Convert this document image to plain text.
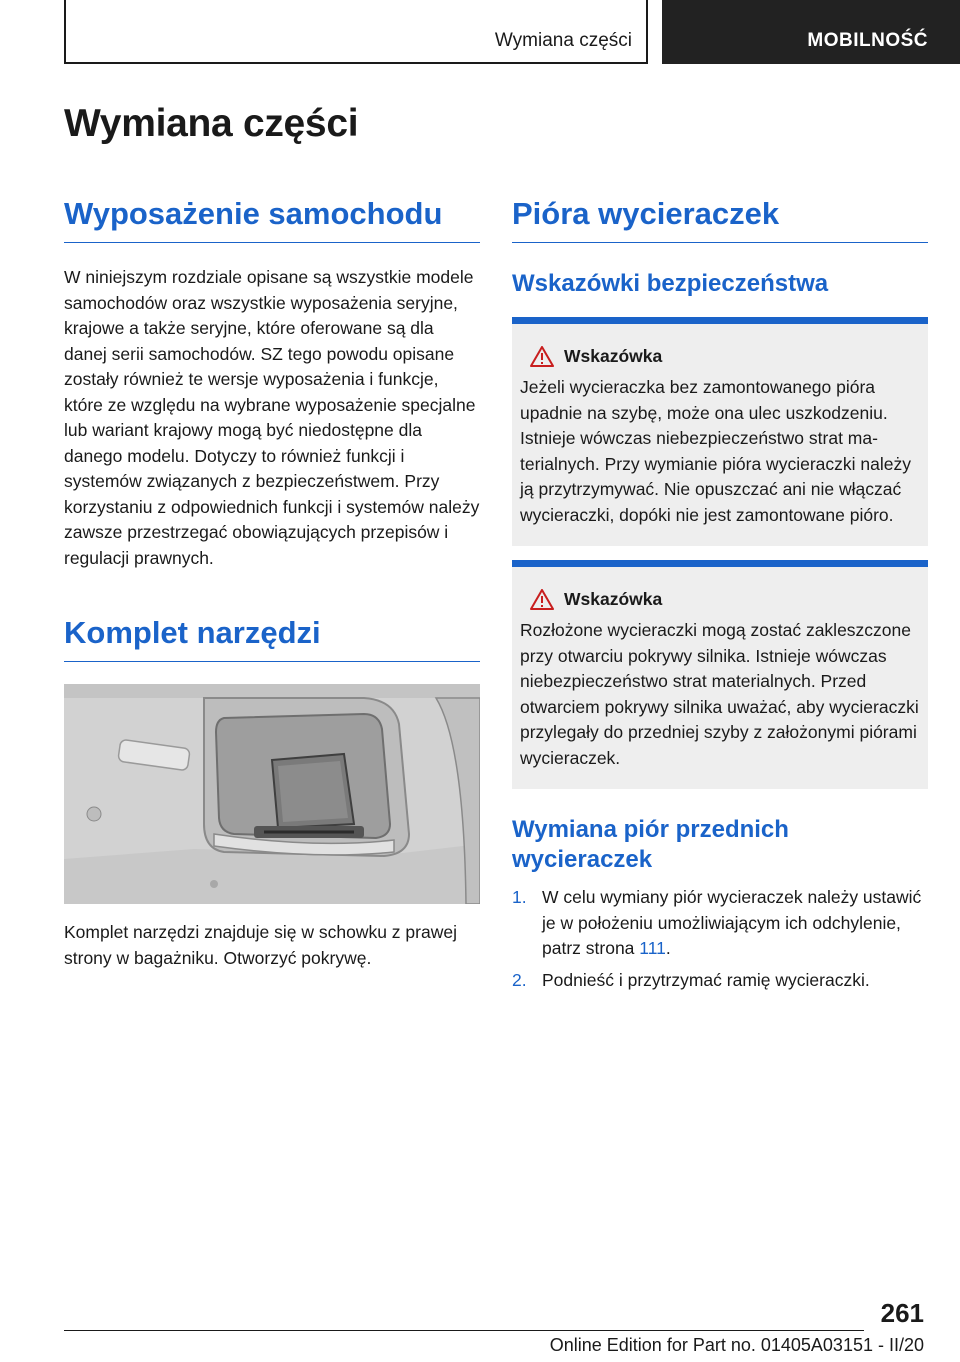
Wymiana części	MOBILNOŚĆ
Wymiana części
Wyposażenie samochodu

W niniejszym rozdziale opisane są wszystkie modele samochodów oraz wszystkie wyposażenia seryjne, krajowe a także seryjne, które oferowane są dla danej serii samochodów. SZ tego powodu opisane zostały również te wersje wyposażenia i funkcje, które ze względu na wybrane wyposażenie specjalne lub wariant krajowy mogą być niedostępne dla danego modelu. Dotyczy to również funkcji i systemów związanych z bezpieczeństwem. Przy korzystaniu z odpowiednich funkcji i systemów należy zawsze przestrzegać obowiązujących przepisów i regulacji prawnych.

Komplet narzędzi

Komplet narzędzi znajduje się w schowku z prawej strony w bagażniku. Otworzyć pokrywę.

Pióra wycieraczek
Wskazówki bezpieczeństwa
Wskazówka

Jeżeli wycieraczka bez zamontowanego pióra upadnie na szybę, może ona ulec uszkodzeniu. Istnieje wówczas niebezpieczeństwo strat materialnych. Przy wymianie pióra wycieraczki należy ją przytrzymywać. Nie opuszczać ani nie włączać wycieraczki, dopóki nie jest zamontowane pióro.

Wskazówka

Rozłożone wycieraczki mogą zostać zakleszczone przy otwarciu pokrywy silnika. Istnieje wówczas niebezpieczeństwo strat materialnych. Przed otwarciem pokrywy silnika uważać, aby wycieraczki przylegały do przedniej szyby z założonymi piórami wycieraczek.

Wymiana piór przednich wycieraczek
1. W celu wymiany piór wycieraczek należy ustawić je w położeniu umożliwiającym ich odchylenie, patrz strona 111.
2. Podnieść i przytrzymać ramię wycieraczki.
261
Online Edition for Part no. 01405A03151 - II/20
